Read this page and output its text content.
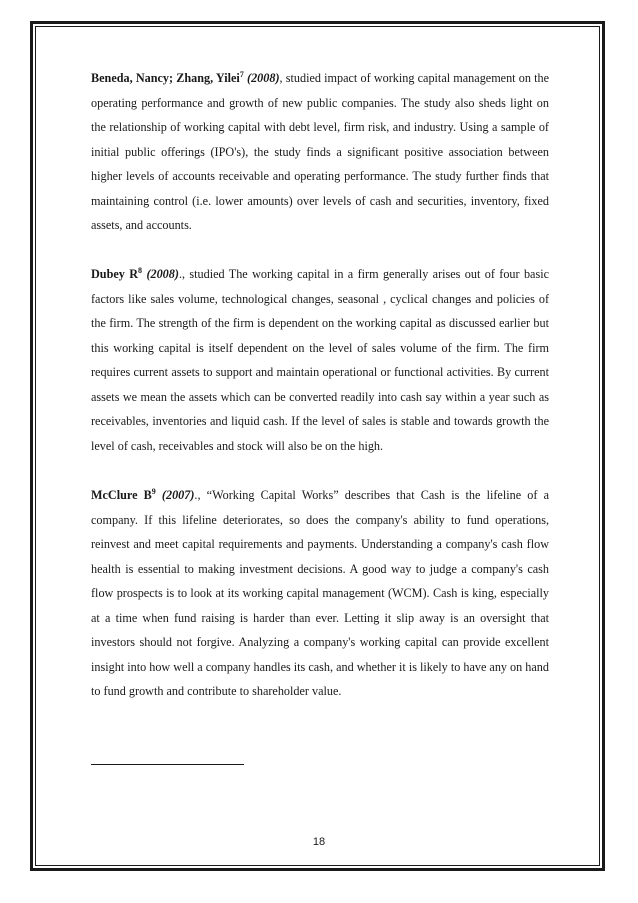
Beneda, Nancy; Zhang, Yilei$^7$ (2008), studied impact of working capital management on the operating performance and growth of new public companies. The study also sheds light on the relationship of working capital with debt level, firm risk, and industry. Using a sample of initial public offerings (IPO's), the study finds a significant positive association between higher levels of accounts receivable and operating performance. The study further finds that maintaining control (i.e. lower amounts) over levels of cash and securities, inventory, fixed assets, and accounts.

Dubey $R^8$ (2008)., studied The working capital in a firm generally arises out of four basic factors like sales volume, technological changes, seasonal , cyclical changes and policies of the firm. The strength of the firm is dependent on the working capital as discussed earlier but this working capital is itself dependent on the level of sales volume of the firm. The firm requires current assets to support and maintain operational or functional activities. By current assets we mean the assets which can be converted readily into cash say within a year such as receivables, inventories and liquid cash. If the level of sales is stable and towards growth the level of cash, receivables and stock will also be on the high.

McClure $B^9$ (2007)., “Working Capital Works” describes that Cash is the lifeline of a company. If this lifeline deteriorates, so does the company's ability to fund operations, reinvest and meet capital requirements and payments. Understanding a company's cash flow health is essential to making investment decisions. A good way to judge a company's cash flow prospects is to look at its working capital management (WCM). Cash is king, especially at a time when fund raising is harder than ever. Letting it slip away is an oversight that investors should not forgive. Analyzing a company's working capital can provide excellent insight into how well a company handles its cash, and whether it is likely to have any on hand to fund growth and contribute to shareholder value.

18
